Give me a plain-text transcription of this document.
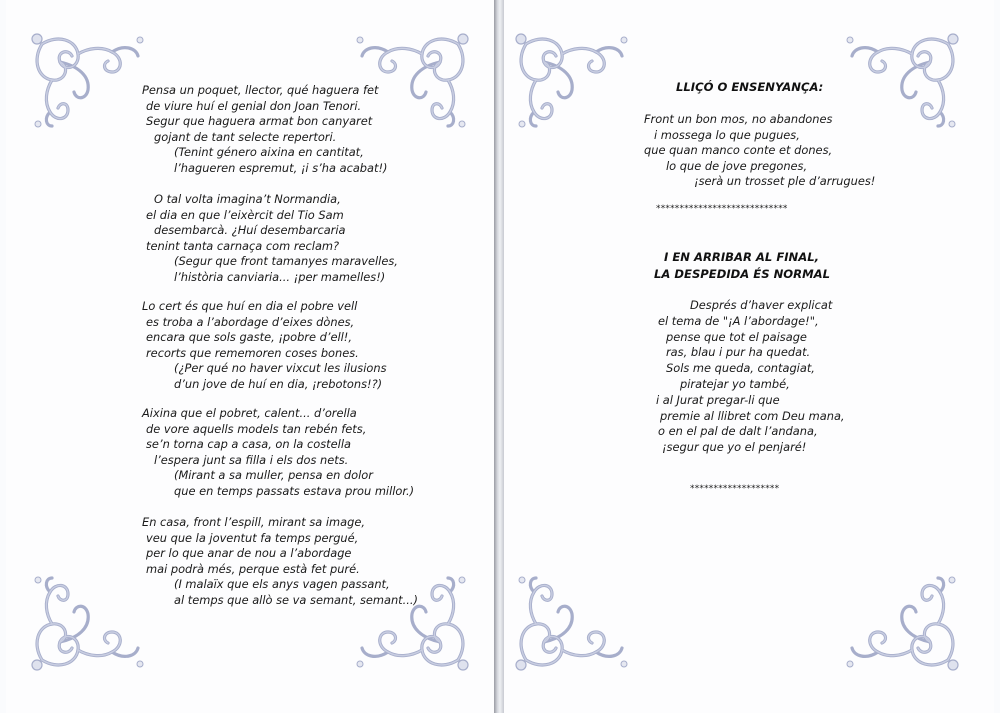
Pensa un poquet, llector, qué haguera fet
de viure huí el genial don Joan Tenori.
Segur que haguera armat bon canyaret
gojant de tant selecte repertori.
(Tenint género aixina en cantitat,
l’hagueren espremut, ¡i s’ha acabat!)
O tal volta imagina’t Normandia,
el dia en que l’eixèrcit del Tio Sam
desembarcà. ¿Huí desembarcaria
tenint tanta carnaça com reclam?
(Segur que front tamanyes maravelles,
l’història canviaria... ¡per mamelles!)
Lo cert és que huí en dia el pobre vell
es troba a l’abordage d’eixes dònes,
encara que sols gaste, ¡pobre d’ell!,
recorts que rememoren coses bones.
(¿Per qué no haver vixcut les ilusions
d’un jove de huí en dia, ¡rebotons!?)
Aixina que el pobret, calent... d’orella
de vore aquells models tan rebén fets,
se’n torna cap a casa, on la costella
l’espera junt sa filla i els dos nets.
(Mirant a sa muller, pensa en dolor
que en temps passats estava prou millor.)
En casa, front l’espill, mirant sa image,
veu que la joventut fa temps pergué,
per lo que anar de nou a l’abordage
mai podrà més, perque està fet puré.
(I malaïx que els anys vagen passant,
al temps que allò se va semant, semant...)
LLIÇÓ O ENSENYANÇA:
Front un bon mos, no abandones
i mossega lo que pugues,
que quan manco conte et dones,
lo que de jove pregones,
¡serà un trosset ple d’arrugues!
****************************
I EN ARRIBAR AL FINAL,
LA DESPEDIDA ÉS NORMAL
Després d’haver explicat
el tema de "¡A l’abordage!",
pense que tot el paisage
ras, blau i pur ha quedat.
Sols me queda, contagiat,
piratejar yo també,
i al Jurat pregar-li que
premie al llibret com Deu mana,
o en el pal de dalt l’andana,
¡segur que yo el penjaré!
*******************
